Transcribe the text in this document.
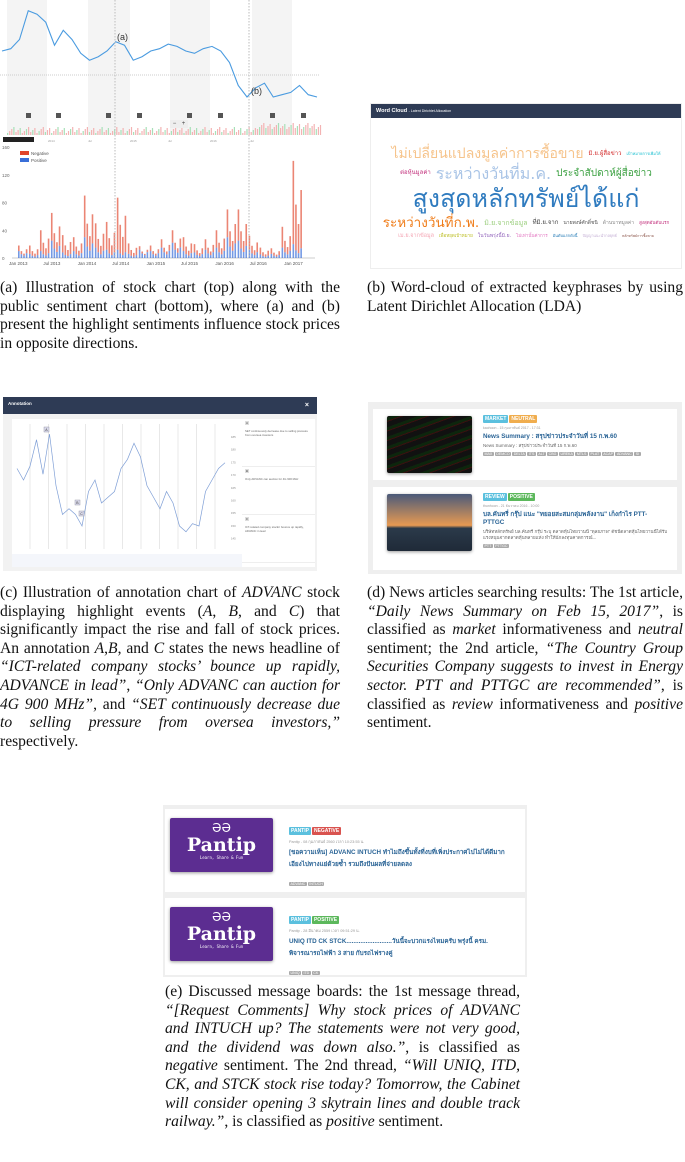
2014	Jul	2015	Jul	2016	Jul
0
40
80
120
160
Jan 2013	Jul 2013	Jan 2014	Jul 2014	Jan 2015	Jul 2015	Jan 2016	Jul 2016	Jan 2017
(a)
(b)
− +
Negative
Positive
(a) Illustration of stock chart (top) along with the public sentiment chart (bottom), where (a) and (b) present the highlight sentiments influence stock prices in opposite directions.
Word Cloud - Latent Dirichlet Allocation
สูงสุดหลักทรัพย์ได้แก่
ระหว่างวันที่ม.ค.
ระหว่างวันที่ก.พ.
ไม่เปลี่ยนแปลงมูลค่าการซื้อขาย
ประจำสัปดาห์ผู้สื่อข่าว
มิ.ย.จากข้อมูล
ต่อหุ้นมูลค่า
นายพงษ์ศักดิ์ชนิ ด้านบาทมูลค่า
ที่มิ.ย.จาก	สูงสุดอันดับแรก
เม.ย.จากข้อมูล
มิ.ย.ผู้สื่อข่าว
เพื่อหยุดเป้าหมาย ในวันพรุ่งนี้มิ.ย. ไม่เท่านั้นค่าการ
เป้าหมายการเพิ่มให้
อันดับแรกดังนี้ ปัญญาแนะนำกลยุทธ์ หลักทรัพย์การซื้อขาย
(b) Word-cloud of extracted keyphrases by using Latent Dirichlet Allocation (LDA)
Annotation	×
185
180
175
170
165
160
155
150
145
A
B
C
A
SET continuously decrease due to selling pressure from oversea investors
B
Only ADVANC can auction for 4G 900 MHz
C
ICT-related company stocks' bounce up rapidly, ADVANC in lead
(c) Illustration of annotation chart of ADVANC stock displaying highlight events (A, B, and C) that significantly impact the rise and fall of stock prices. An annotation A,B, and C states the news headline of “ICT-related company stocks’ bounce up rapidly, ADVANCE in lead”, “Only ADVANC can auction for 4G 900 MHz”, and “SET continuously decrease due to selling pressure from oversea investors,” respectively.
MARKET NEUTRAL
kaohoon - 15 กุมภาพันธ์ 2017 - 17:31
News Summary : สรุปข่าวประจำวันที่ 15 ก.พ.60
News Summary : สรุปข่าวประจำวันที่ 15 ก.พ.60
MAX DEMCO DELTA ITS ALT CBG UREKA MTLS PLAT ACAP ADVANC SI
REVIEW POSITIVE
thunhoon - 21 ธันวาคม 2016 - 10:00
บล.คันทรี่ กรุ๊ป แนะ "ทยอยสะสมกลุ่มพลังงาน" เก็งกำไร PTT-PTTGC
บริษัทหลักทรัพย์ บล.คันทรี่ กรุ๊ป ระบุ ตลาดหุ้นไทยวานนี้ "ดุลยภาพ" ดัชนีตลาดหุ้นไทยวานนี้ได้รับแรงหนุนจากตลาดหุ้นหลายแห่ง ทำให้นักลงทุนคาดการณ์...
PTT PTTGC
(d) News articles searching results: The 1st article, “Daily News Summary on Feb 15, 2017”, is classified as market informativeness and neutral sentiment; the 2nd article, “The Country Group Securities Company suggests to invest in Energy sector. PTT and PTTGC are recommended”, is classified as review informativeness and positive sentiment.
ƏƏ
Pantip
Learn, Share & Fun
PANTIP NEGATIVE
Pantip - 08 กุมภาพันธ์ 2560 เวลา 10:23:55 น.
[ขอความเห็น] ADVANC INTUCH ทำไมถึงขึ้นทั้งที่งบที่เพิ่งประกาศไปไม่ได้ดีมาก เอียงไปทางแย่ด้วยซ้ำ รวมถึงปันผลที่จ่ายลดลง
ADVANC INTUCH
ƏƏ
Pantip
Learn, Share & Fun
PANTIP POSITIVE
Pantip - 28 มีนาคม 2559 เวลา 09:51:29 น.
UNIQ ITD CK STCK..........................วันนี้จะบวกแรงไหมครับ พรุ่งนี้ ครม. พิจารณารถไฟฟ้า 3 สาย กับรถไฟรางคู่
UNIQ ITD CK
(e) Discussed message boards: the 1st message thread, “[Request Comments] Why stock prices of ADVANC and INTUCH up? The statements were not very good, and the dividend was down also.”, is classified as negative sentiment. The 2nd thread, “Will UNIQ, ITD, CK, and STCK stock rise today? Tomorrow, the Cabinet will consider opening 3 skytrain lines and double track railway.”, is classified as positive sentiment.
